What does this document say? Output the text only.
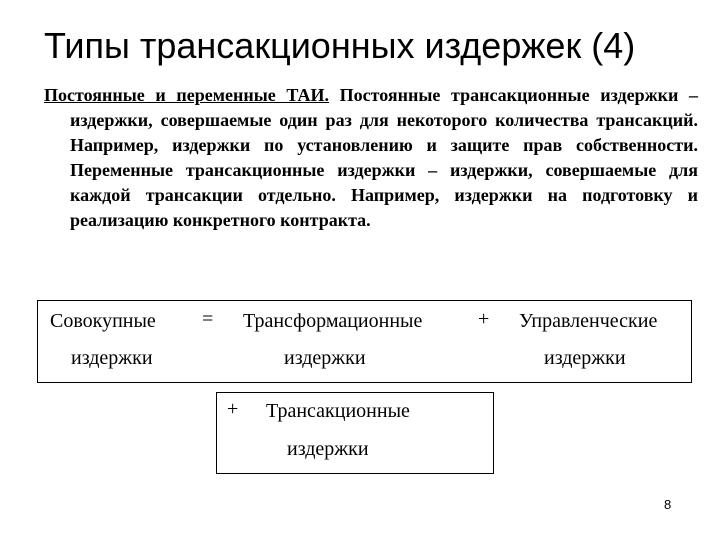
Типы трансакционных издержек (4)
Постоянные и переменные ТАИ. Постоянные трансакционные издержки – издержки, совершаемые один раз для некоторого количества трансакций. Например, издержки по установлению и защите прав собственности. Переменные трансакционные издержки – издержки, совершаемые для каждой трансакции отдельно. Например, издержки на подготовку и реализацию конкретного контракта.
Совокупные = Трансформационные	+ Управленческие
издержки	издержки	издержки
+ Трансакционные
издержки
8
